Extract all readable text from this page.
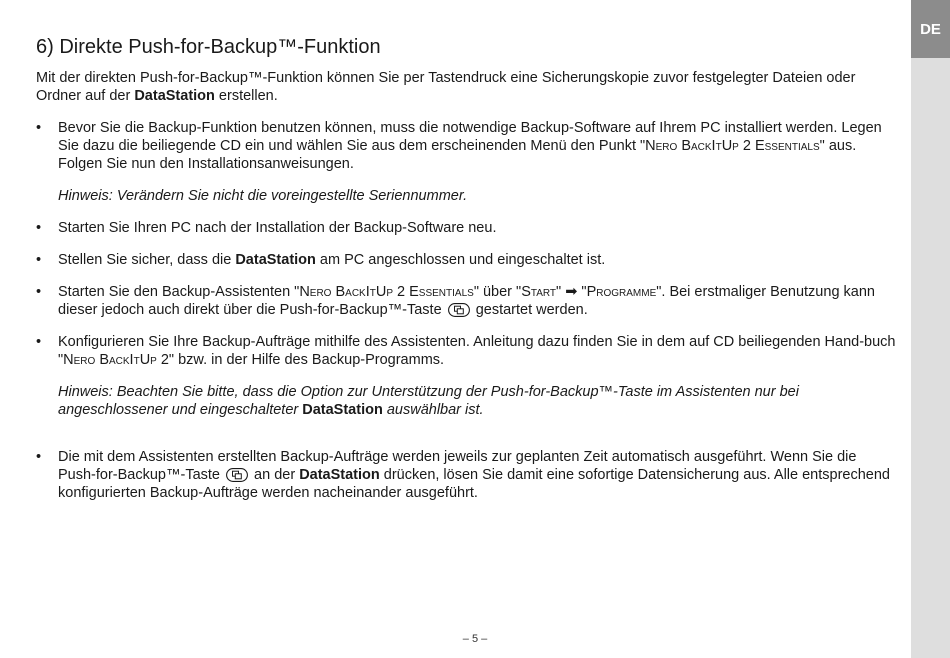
DE
6) Direkte Push-for-Backup™-Funktion

Mit der direkten Push-for-Backup™-Funktion können Sie per Tastendruck eine Sicherungskopie zuvor festgelegter Dateien oder Ordner auf der DataStation erstellen.

• Bevor Sie die Backup-Funktion benutzen können, muss die notwendige Backup-Software auf Ihrem PC installiert werden. Legen Sie dazu die beiliegende CD ein und wählen Sie aus dem erscheinenden Menü den Punkt "Nero BackItUp 2 Essentials" aus. Folgen Sie nun den Installationsanweisungen.

Hinweis: Verändern Sie nicht die voreingestellte Seriennummer.

• Starten Sie Ihren PC nach der Installation der Backup-Software neu.
• Stellen Sie sicher, dass die DataStation am PC angeschlossen und eingeschaltet ist.
• Starten Sie den Backup-Assistenten "Nero BackItUp 2 Essentials" über "Start" ➡ "Programme". Bei erstmaliger Benutzung kann dieser jedoch auch direkt über die Push-for-Backup™-Taste
gestartet werden.
• Konfigurieren Sie Ihre Backup-Aufträge mithilfe des Assistenten. Anleitung dazu finden Sie in dem auf CD beiliegenden Hand-buch "Nero BackItUp 2" bzw. in der Hilfe des Backup-Programms.

Hinweis: Beachten Sie bitte, dass die Option zur Unterstützung der Push-for-Backup™-Taste im Assistenten nur bei angeschlossener und eingeschalteter DataStation auswählbar ist.

• Die mit dem Assistenten erstellten Backup-Aufträge werden jeweils zur geplanten Zeit automatisch ausgeführt. Wenn Sie die Push-for-Backup™-Taste
an der DataStation drücken, lösen Sie damit eine sofortige Datensicherung aus. Alle entsprechend konfigurierten Backup-Aufträge werden nacheinander ausgeführt.
– 5 –
